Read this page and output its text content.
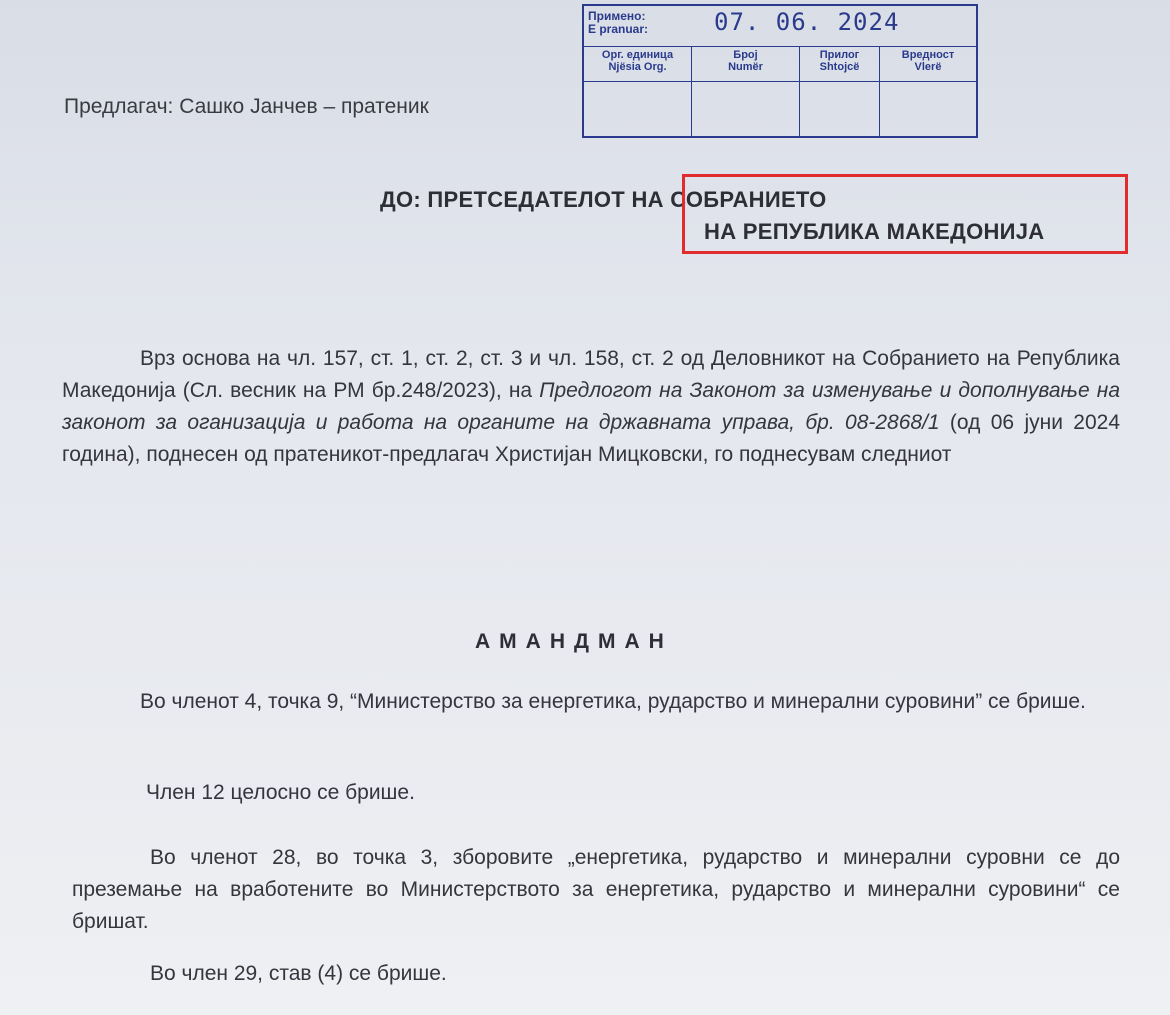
Примено:
E pranuar:	07. 06. 2024
Орг. единица
Njësia Org.
Број
Numër
Прилог
Shtojcë
Вредност
Vlerë
Предлагач: Сашко Јанчев – пратеник
ДО: ПРЕТСЕДАТЕЛОТ НА СОБРАНИЕТО
НА РЕПУБЛИКА МАКЕДОНИЈА
Врз основа на чл. 157, ст. 1, ст. 2, ст. 3 и чл. 158, ст. 2 од Деловникот на Собранието на Република Македонија (Сл. весник на РМ бр.248/2023), на Предлогот на Законот за изменување и дополнување на законот за оганизација и работа на органите на државната управа, бр. 08-2868/1 (од 06 јуни 2024 година), поднесен од пратеникот-предлагач Христијан Мицковски, го поднесувам следниот
АМАНДМАН
Во членот 4, точка 9, “Министерство за енергетика, рударство и минерални суровини” се брише.
Член 12 целосно се брише.
Во членот 28, во точка 3, зборовите „енергетика, рударство и минерални суровни се до преземање на вработените во Министерството за енергетика, рударство и минерални суровини“ се бришат.
Во член 29, став (4) се брише.
